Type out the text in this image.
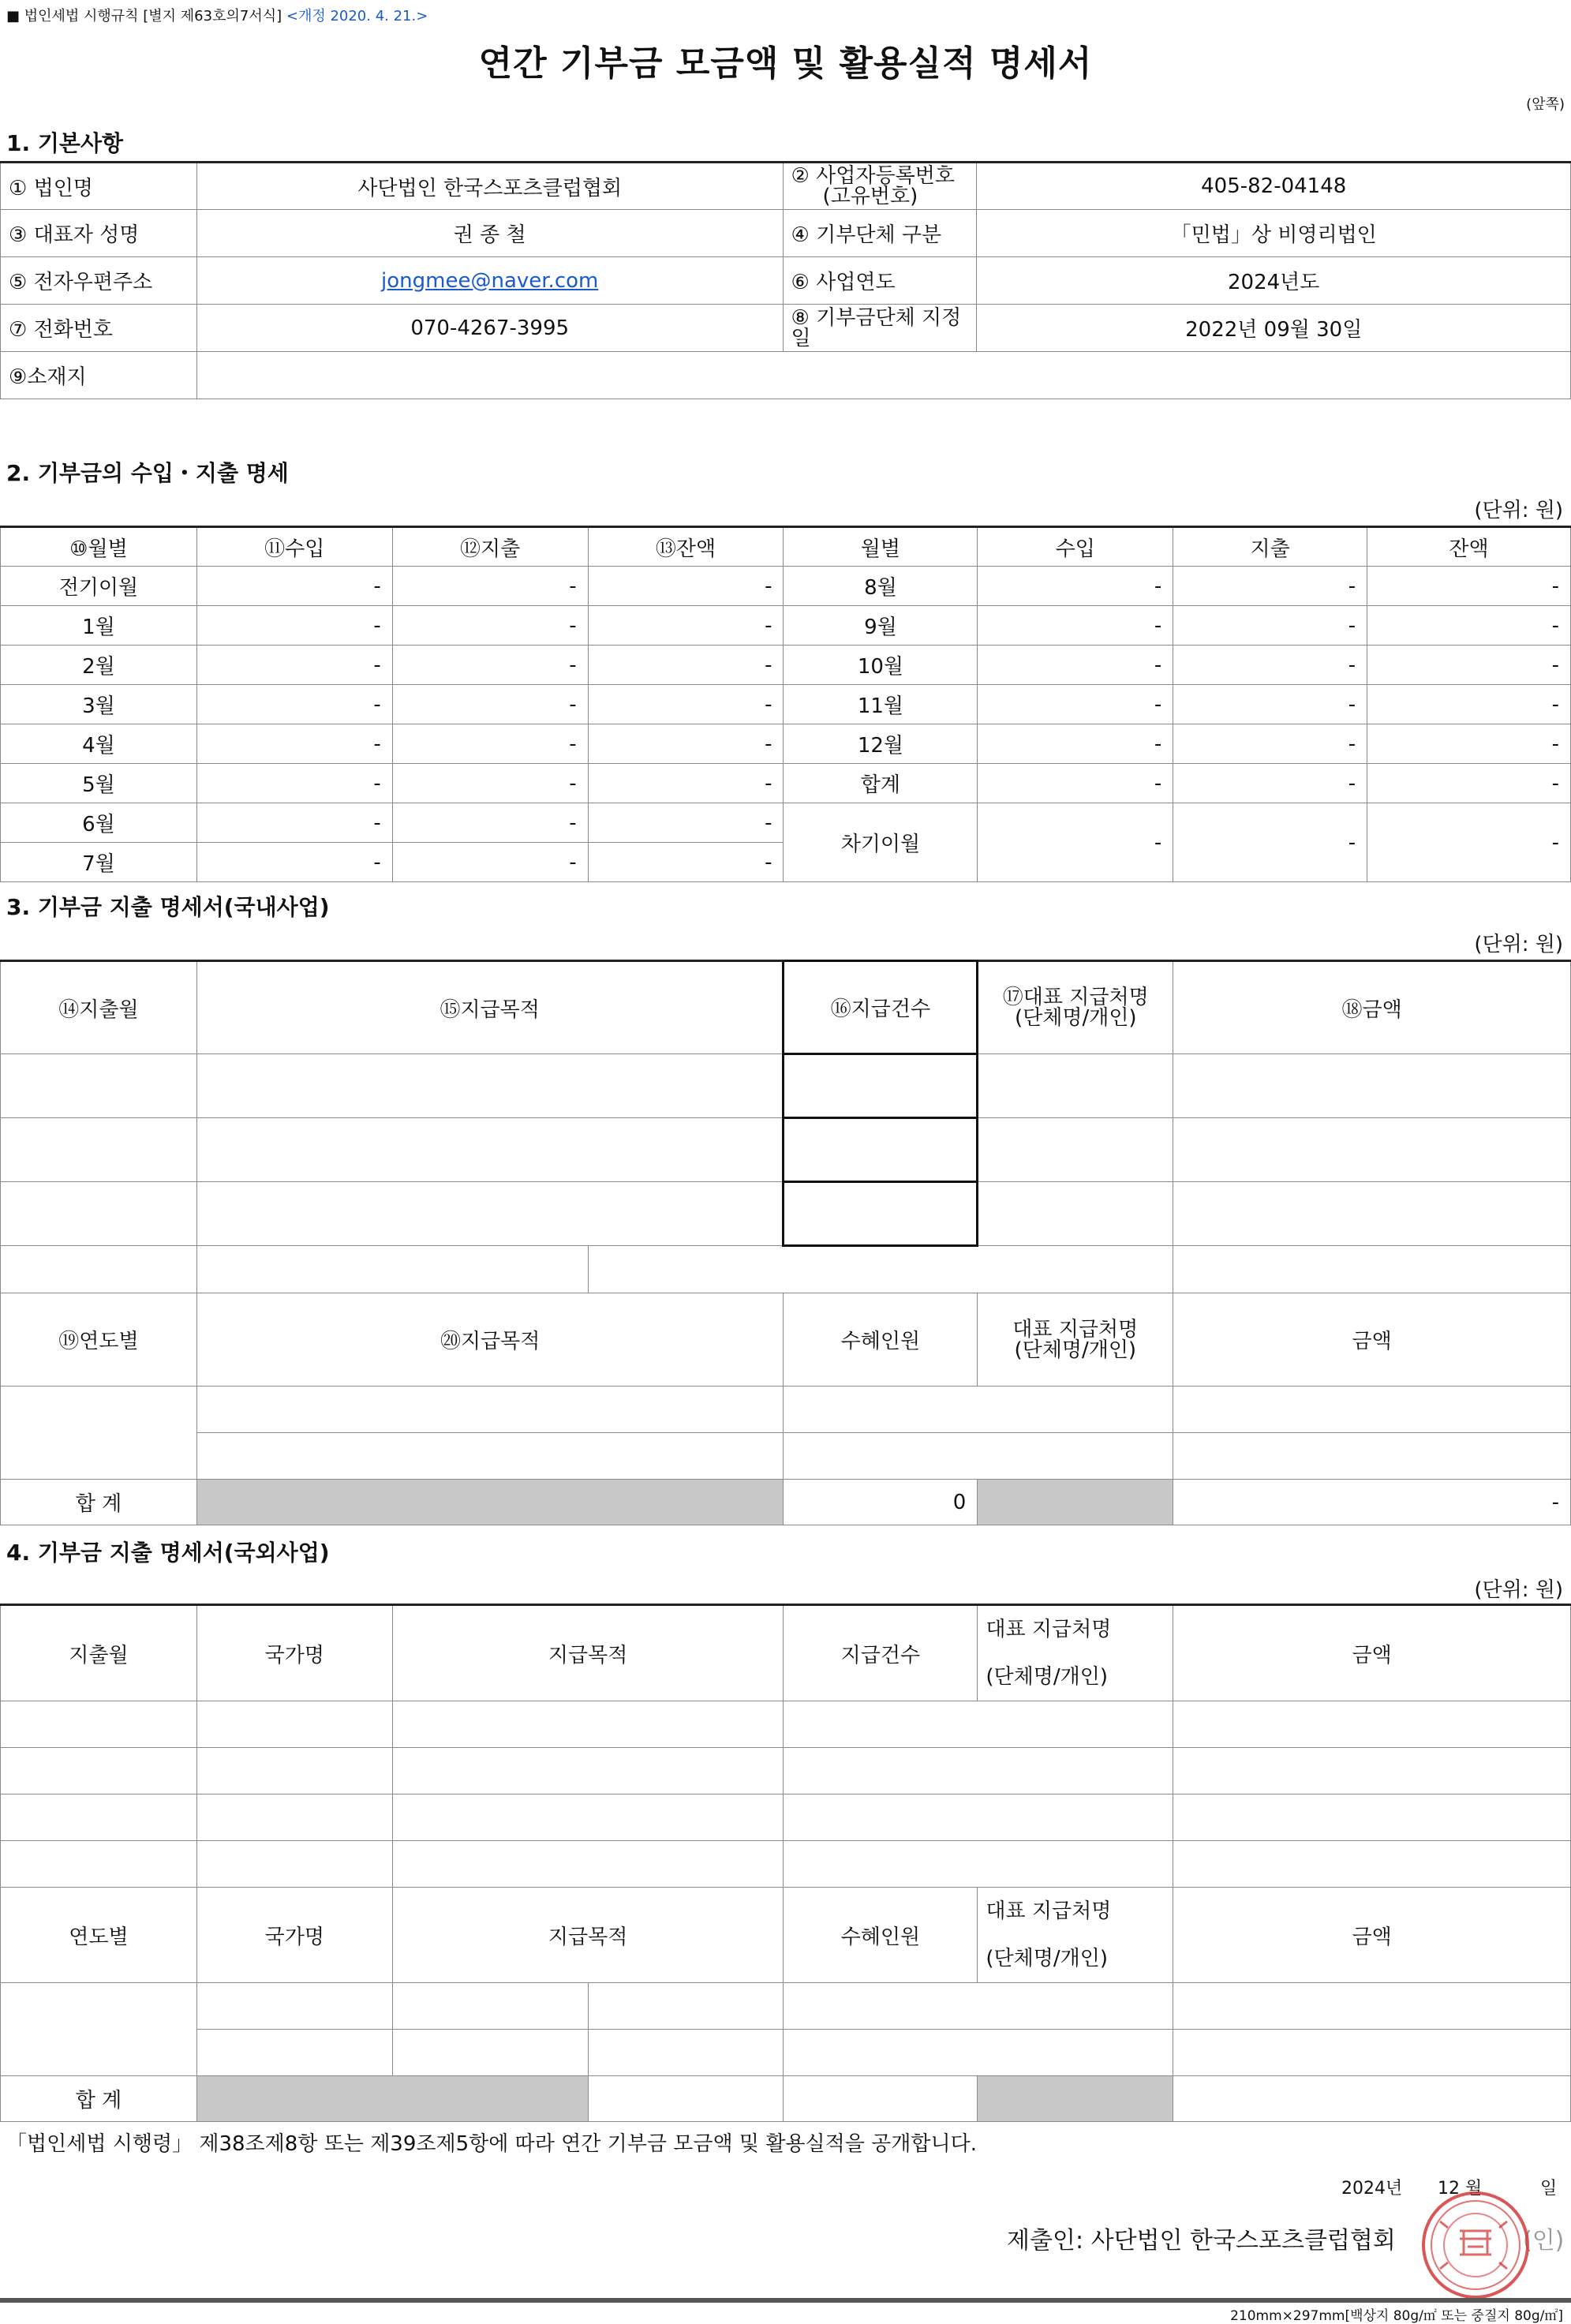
■ 법인세법 시행규칙 [별지 제63호의7서식] <개정 2020. 4. 21.>
연간 기부금 모금액 및 활용실적 명세서
(앞쪽)
1. 기본사항
① 법인명	사단법인 한국스포츠클럽협회	② 사업자등록번호
(고유번호)	405-82-04148
③ 대표자 성명	권 종 철	④ 기부단체 구분	「민법」상 비영리법인
⑤ 전자우편주소	jongmee@naver.com	⑥ 사업연도	2024년도
⑦ 전화번호	070-4267-3995	⑧ 기부금단체 지정
일	2022년 09월 30일
⑨소재지			
2. 기부금의 수입・지출 명세
(단위: 원)
⑩월별	⑪수입	⑫지출	⑬잔액	월별	수입	지출	잔액
전기이월	-	-	-	8월	-	-	-
1월	-	-	-	9월	-	-	-
2월	-	-	-	10월	-	-	-
3월	-	-	-	11월	-	-	-
4월	-	-	-	12월	-	-	-
5월	-	-	-	합계	-	-	-
6월	-	-	-	차기이월	-	-	-
7월	-	-	-				
3. 기부금 지출 명세서(국내사업)
(단위: 원)
⑭지출월	⑮지급목적		⑯지급건수	⑰대표 지급처명
(단체명/개인)	⑱금액

⑲연도별	⑳지급목적		수혜인원	대표 지급처명
(단체명/개인)	금액

합 계			0		-
4. 기부금 지출 명세서(국외사업)
(단위: 원)
지출월	국가명	지급목적		지급건수	대표 지급처명
(단체명/개인)	금액

연도별	국가명	지급목적		수혜인원	대표 지급처명
(단체명/개인)	금액

합 계						
「법인세법 시행령」 제38조제8항 또는 제39조제5항에 따라 연간 기부금 모금액 및 활용실적을 공개합니다.
2024년 12 월	일
제출인: 사단법인 한국스포츠클럽협회	(인)
210mm×297mm[백상지 80g/㎡ 또는 중질지 80g/㎡]
